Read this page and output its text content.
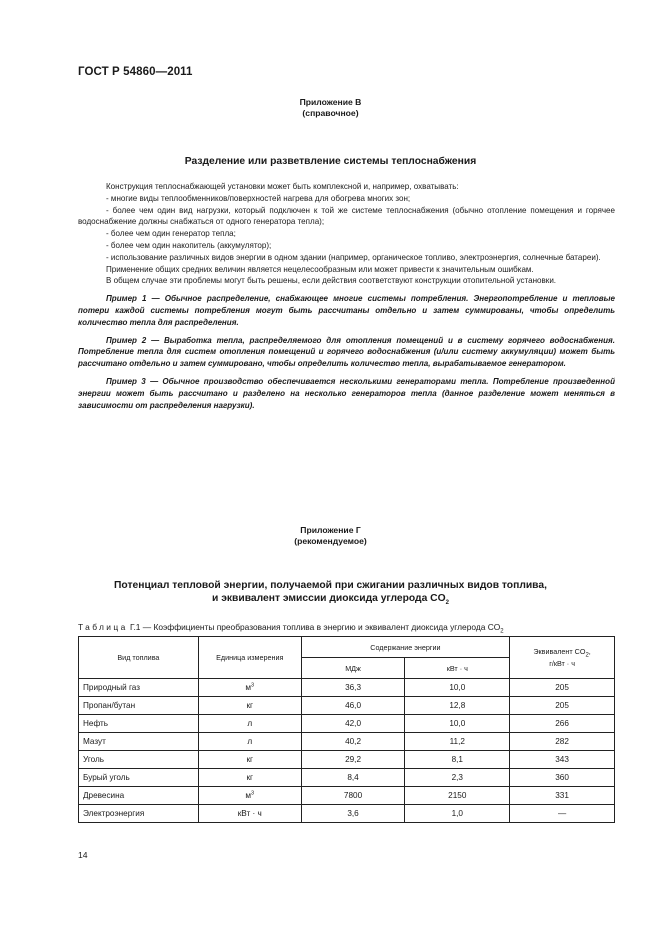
ГОСТ Р 54860—2011
Приложение В
(справочное)
Разделение или разветвление системы теплоснабжения

Конструкция теплоснабжающей установки может быть комплексной и, например, охватывать:

- многие виды теплообменников/поверхностей нагрева для обогрева многих зон;

- более чем один вид нагрузки, который подключен к той же системе теплоснабжения (обычно отопление помещения и горячее водоснабжение должны снабжаться от одного генератора тепла);

- более чем один генератор тепла;

- более чем один накопитель (аккумулятор);

- использование различных видов энергии в одном здании (например, органическое топливо, электроэнергия, солнечные батареи).

Применение общих средних величин является нецелесообразным или может привести к значительным ошибкам.

В общем случае эти проблемы могут быть решены, если действия соответствуют конструкции отопительной установки.

Пример 1 — Обычное распределение, снабжающее многие системы потребления. Энергопотребление и тепловые потери каждой системы потребления могут быть рассчитаны отдельно и затем суммированы, чтобы определить количество тепла для распределения.

Пример 2 — Выработка тепла, распределяемого для отопления помещений и в систему горячего водоснабжения. Потребление тепла для систем отопления помещений и горячего водоснабжения (и/или систему аккумуляции) может быть рассчитано отдельно и затем суммировано, чтобы определить количество тепла, вырабатываемое генератором.

Пример 3 — Обычное производство обеспечивается несколькими генераторами тепла. Потребление произведенной энергии может быть рассчитано и разделено на несколько генераторов тепла (данное разделение может меняться в зависимости от распределения нагрузки).

Приложение Г
(рекомендуемое)
Потенциал тепловой энергии, получаемой при сжигании различных видов топлива,
и эквивалент эмиссии диоксида углерода $CO_2$
Таблица Г.1 — Коэффициенты преобразования топлива в энергию и эквивалент диоксида углерода $CO_2$
Вид топлива	Единица измерения	Содержание энергии		Эквивалент $CO_2$,
г/кВт · ч

		МДж	кВт · ч	
Природный газ	$м^3$	36,3	10,0	205
Пропан/бутан	кг	46,0	12,8	205
Нефть	л	42,0	10,0	266
Мазут	л	40,2	11,2	282
Уголь	кг	29,2	8,1	343
Бурый уголь	кг	8,4	2,3	360
Древесина	$м^3$	7800	2150	331
Электроэнергия	кВт · ч	3,6	1,0	—
14
